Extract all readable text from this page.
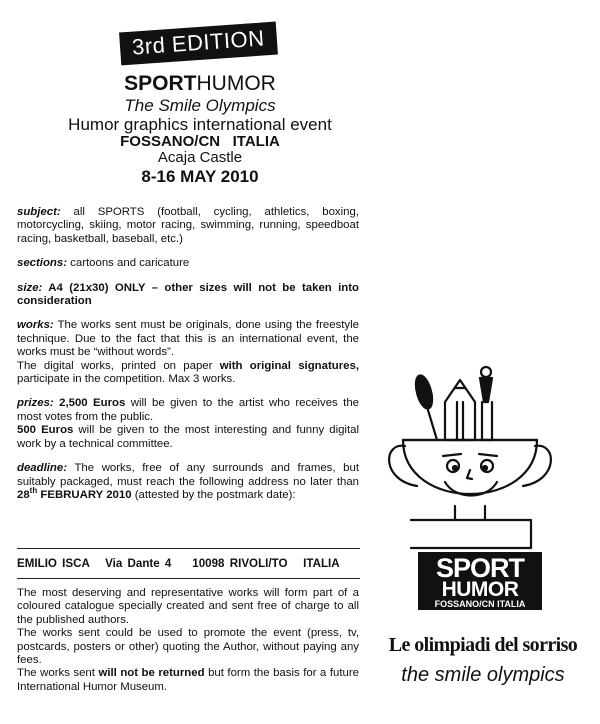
3rd EDITION
SPORTHUMOR
The Smile Olympics
Humor graphics international event
FOSSANO/CN   ITALIA
Acaja Castle
8-16 MAY 2010

subject: all SPORTS (football, cycling, athletics, boxing, motorcycling, skiing, motor racing, swimming, running, speedboat racing, basketball, baseball, etc.)

sections: cartoons and caricature

size: A4 (21x30) ONLY – other sizes will not be taken into consideration

works: The works sent must be originals, done using the freestyle technique. Due to the fact that this is an international event, the works must be “without words”.
The digital works, printed on paper with original signatures, participate in the competition. Max 3 works.

prizes: 2,500 Euros will be given to the artist who receives the most votes from the public.
500 Euros will be given to the most interesting and funny digital work by a technical committee.

deadline: The works, free of any surrounds and frames, but suitably packaged, must reach the following address no later than 28th FEBRUARY 2010 (attested by the postmark date):

EMILIO ISCA   Via Dante 4    10098 RIVOLI/TO   ITALIA
The most deserving and representative works will form part of a coloured catalogue specially created and sent free of charge to all the published authors.
The works sent could be used to promote the event (press, tv, postcards, posters or other) quoting the Author, without paying any fees.
The works sent will not be returned but form the basis for a future International Humor Museum.
SPORT
HUMOR
FOSSANO/CN ITALIA
Le olimpiadi del sorriso
the smile olympics
